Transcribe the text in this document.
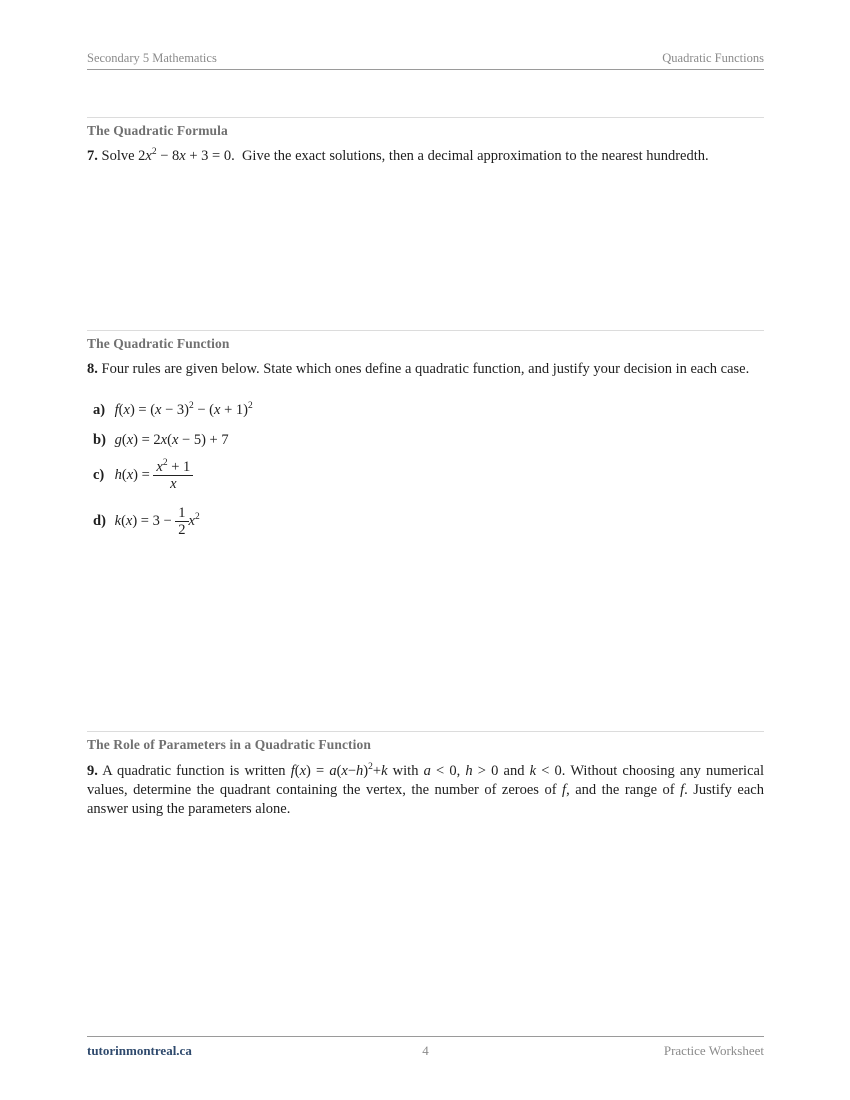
Secondary 5 Mathematics	Quadratic Functions
The Quadratic Formula
7. Solve $2x^2 - 8x + 3 = 0$.  Give the exact solutions, then a decimal approximation to the nearest hundredth.
The Quadratic Function
8. Four rules are given below. State which ones define a quadratic function, and justify your decision in each case.
a) $f(x) = (x - 3)^2 - (x + 1)^2$
b) g(x) = 2x(x − 5) + 7
c) $h(x) = \frac{x^2 + 1}{x}$
d) $k(x) = 3 - \frac{1}{2} x^2$
The Role of Parameters in a Quadratic Function
9. A quadratic function is written $f(x) = a(x-h)^2+k$ with a < 0, h > 0 and k < 0. Without choosing any numerical values, determine the quadrant containing the vertex, the number of zeroes of f, and the range of f. Justify each answer using the parameters alone.
tutorinmontreal.ca	4	Practice Worksheet
